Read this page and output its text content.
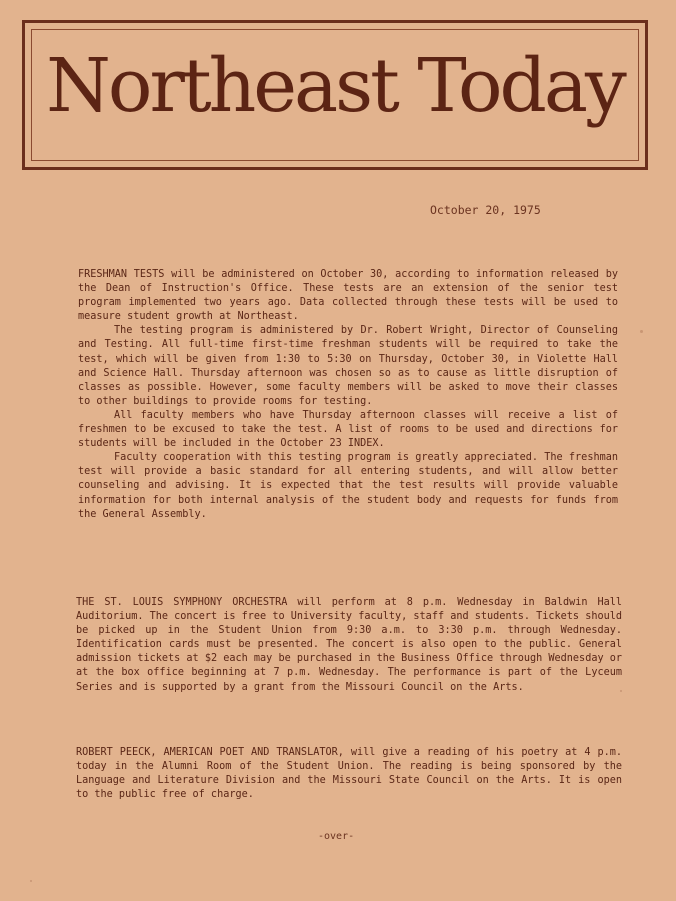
Northeast Today
October 20, 1975

FRESHMAN TESTS will be administered on October 30, according to information released by the Dean of Instruction's Office. These tests are an extension of the senior test program implemented two years ago. Data collected through these tests will be used to measure student growth at Northeast.

The testing program is administered by Dr. Robert Wright, Director of Counseling and Testing. All full-time first-time freshman students will be required to take the test, which will be given from 1:30 to 5:30 on Thursday, October 30, in Violette Hall and Science Hall. Thursday afternoon was chosen so as to cause as little disruption of classes as possible. However, some faculty members will be asked to move their classes to other buildings to provide rooms for testing.

All faculty members who have Thursday afternoon classes will receive a list of freshmen to be excused to take the test. A list of rooms to be used and directions for students will be included in the October 23 INDEX.

Faculty cooperation with this testing program is greatly appreciated. The freshman test will provide a basic standard for all entering students, and will allow better counseling and advising. It is expected that the test results will provide valuable information for both internal analysis of the student body and requests for funds from the General Assembly.

THE ST. LOUIS SYMPHONY ORCHESTRA will perform at 8 p.m. Wednesday in Baldwin Hall Auditorium. The concert is free to University faculty, staff and students. Tickets should be picked up in the Student Union from 9:30 a.m. to 3:30 p.m. through Wednesday. Identification cards must be presented. The concert is also open to the public. General admission tickets at $2 each may be purchased in the Business Office through Wednesday or at the box office beginning at 7 p.m. Wednesday. The performance is part of the Lyceum Series and is supported by a grant from the Missouri Council on the Arts.

ROBERT PEECK, AMERICAN POET AND TRANSLATOR, will give a reading of his poetry at 4 p.m. today in the Alumni Room of the Student Union. The reading is being sponsored by the Language and Literature Division and the Missouri State Council on the Arts. It is open to the public free of charge.

-over-
